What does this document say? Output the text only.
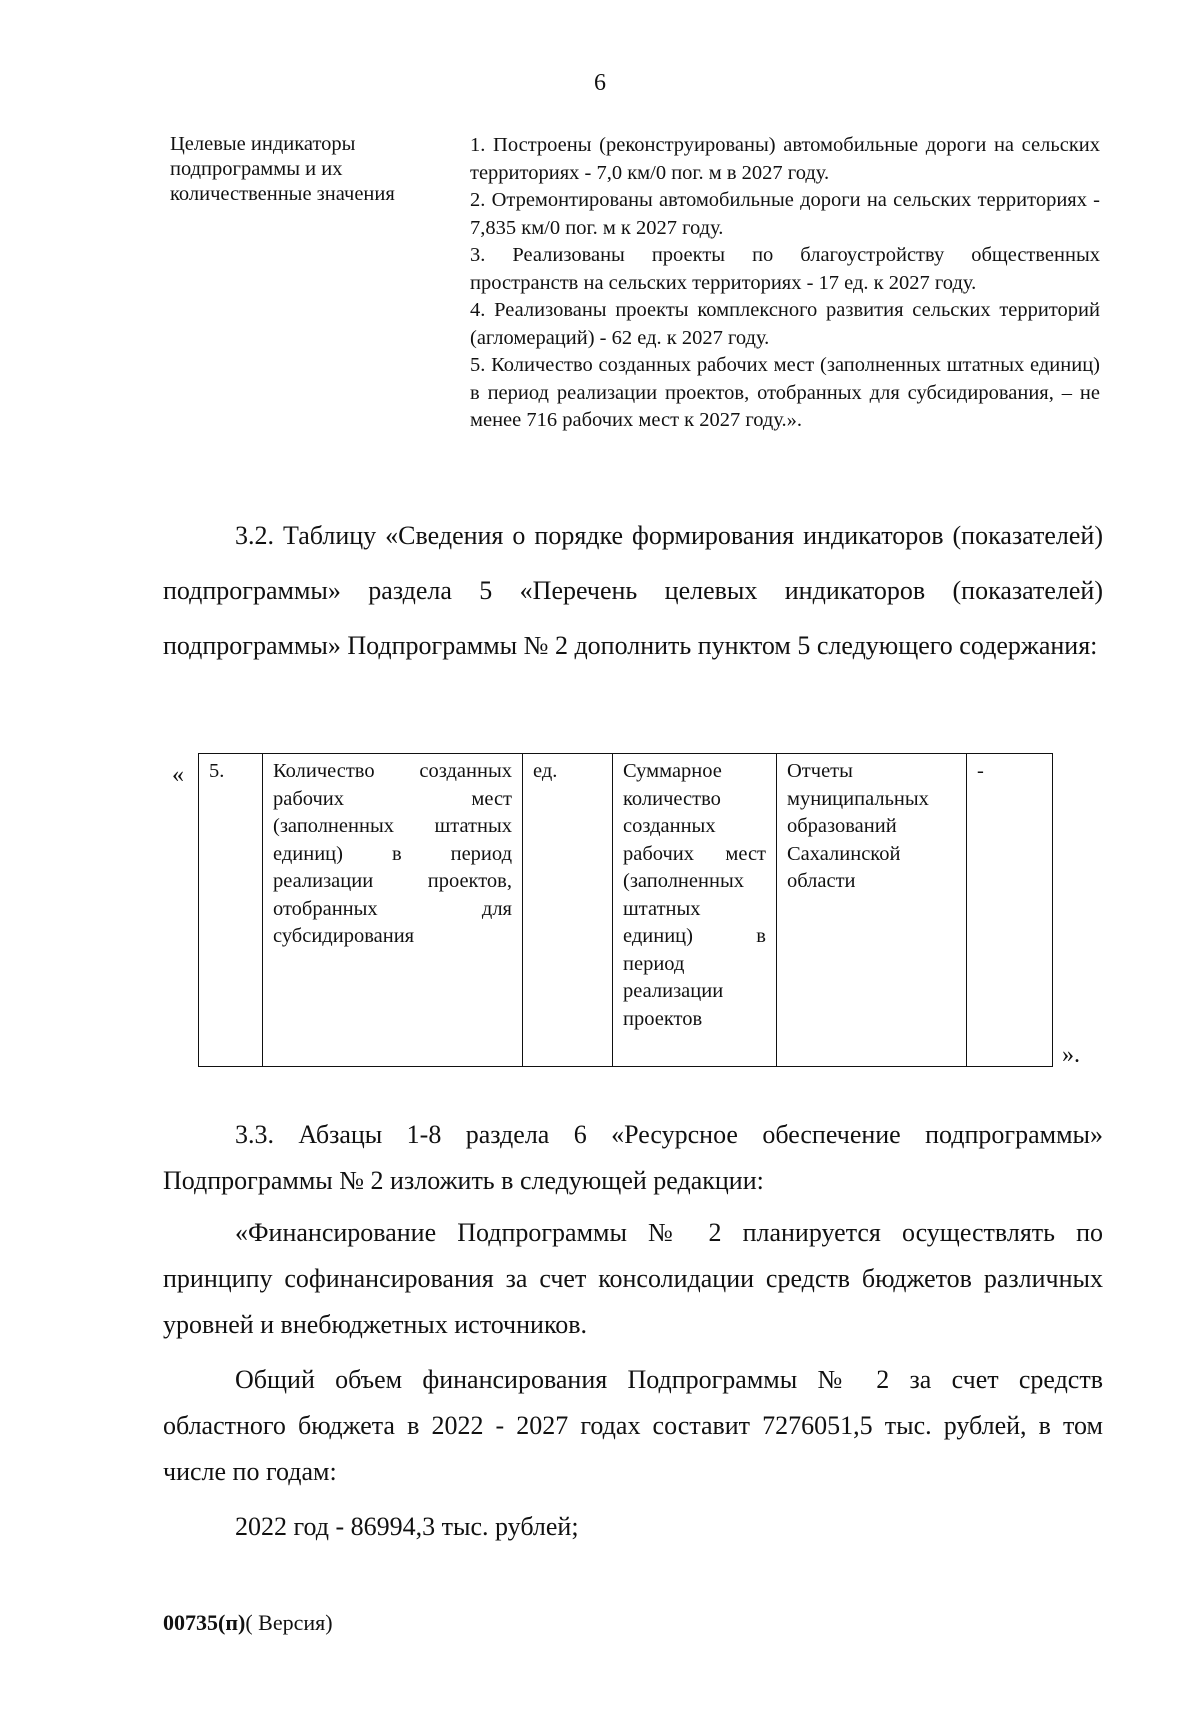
6
Целевые индикаторы подпрограммы и их количественные значения

1. Построены (реконструированы) автомобильные дороги на сельских территориях - 7,0 км/0 пог. м в 2027 году.

2. Отремонтированы автомобильные дороги на сельских территориях - 7,835 км/0 пог. м к 2027 году.

3. Реализованы проекты по благоустройству общественных пространств на сельских территориях - 17 ед. к 2027 году.

4. Реализованы проекты комплексного развития сельских территорий (агломераций) - 62 ед. к 2027 году.

5. Количество созданных рабочих мест (заполненных штатных единиц) в период реализации проектов, отобранных для субсидирования, – не менее 716 рабочих мест к 2027 году.».

3.2. Таблицу «Сведения о порядке формирования индикаторов (показателей) подпрограммы» раздела 5 «Перечень целевых индикаторов (показателей) подпрограммы» Подпрограммы № 2 дополнить пунктом 5 следующего содержания:

« 5.	Количество созданных рабочих мест (заполненных штатных единиц) в период реализации проектов, отобранных для субсидирования	ед.	Суммарное количество созданных рабочих мест (заполненных штатных единиц) в период реализации проектов	Отчеты муниципальных образований Сахалинской области	-
».

3.3. Абзацы 1-8 раздела 6 «Ресурсное обеспечение подпрограммы» Подпрограммы № 2 изложить в следующей редакции:

«Финансирование Подпрограммы № 2 планируется осуществлять по принципу софинансирования за счет консолидации средств бюджетов различных уровней и внебюджетных источников.

Общий объем финансирования Подпрограммы № 2 за счет средств областного бюджета в 2022 - 2027 годах составит 7276051,5 тыс. рублей, в том числе по годам:

2022 год - 86994,3 тыс. рублей;

00735(п)( Версия)
